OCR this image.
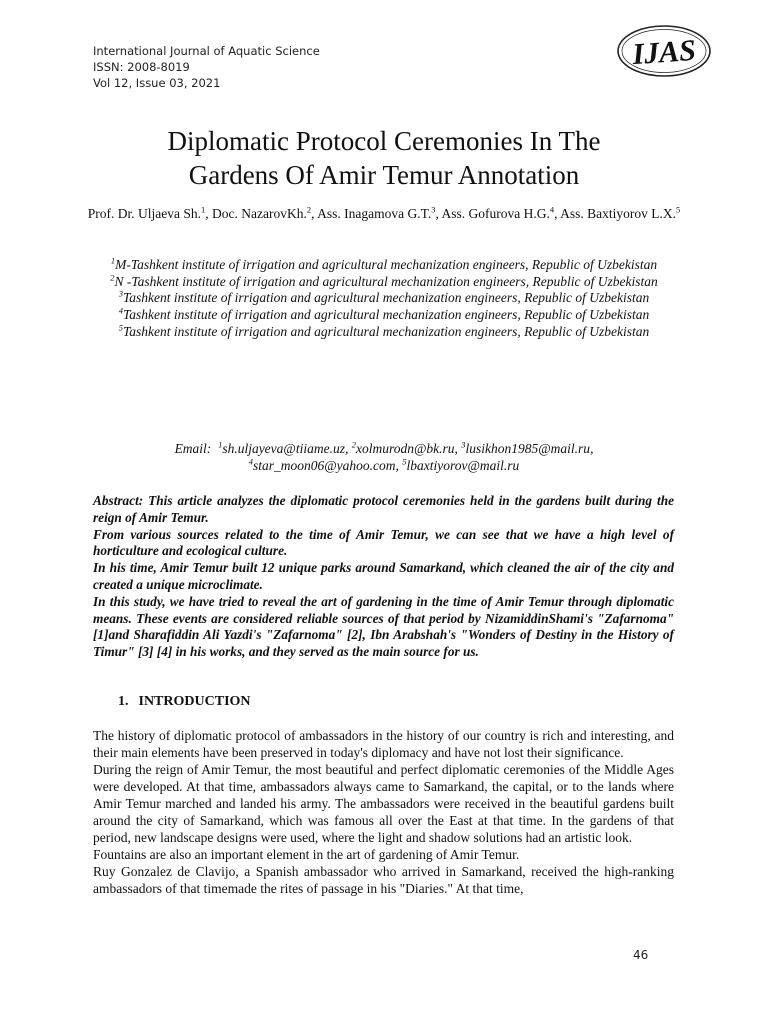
International Journal of Aquatic Science
ISSN: 2008-8019
Vol 12, Issue 03, 2021
IJAS
Diplomatic Protocol Ceremonies In The
Gardens Of Amir Temur Annotation
Prof. Dr. Uljaeva Sh.$^1$, Doc. NazarovKh.$^2$, Ass. Inagamova G.T.$^3$, Ass. Gofurova H.G.$^4$, Ass. Baxtiyorov L.X.$^5$
$^1$M-Tashkent institute of irrigation and agricultural mechanization engineers, Republic of Uzbekistan
$^2$N -Tashkent institute of irrigation and agricultural mechanization engineers, Republic of Uzbekistan
$^3$Tashkent institute of irrigation and agricultural mechanization engineers, Republic of Uzbekistan
$^4$Tashkent institute of irrigation and agricultural mechanization engineers, Republic of Uzbekistan
$^5$Tashkent institute of irrigation and agricultural mechanization engineers, Republic of Uzbekistan
Email: $^1$sh.uljayeva@tiiame.uz, $^2$xolmurodn@bk.ru, $^3$lusikhon1985@mail.ru,
$^4$star_moon06@yahoo.com, $^5$lbaxtiyorov@mail.ru

Abstract: This article analyzes the diplomatic protocol ceremonies held in the gardens built during the reign of Amir Temur.

From various sources related to the time of Amir Temur, we can see that we have a high level of horticulture and ecological culture.

In his time, Amir Temur built 12 unique parks around Samarkand, which cleaned the air of the city and created a unique microclimate.

In this study, we have tried to reveal the art of gardening in the time of Amir Temur through diplomatic means. These events are considered reliable sources of that period by NizamiddinShami's "Zafarnoma" [1]and Sharafiddin Ali Yazdi's "Zafarnoma" [2], Ibn Arabshah's "Wonders of Destiny in the History of Timur" [3] [4] in his works, and they served as the main source for us.

1. INTRODUCTION

The history of diplomatic protocol of ambassadors in the history of our country is rich and interesting, and their main elements have been preserved in today's diplomacy and have not lost their significance.

During the reign of Amir Temur, the most beautiful and perfect diplomatic ceremonies of the Middle Ages were developed. At that time, ambassadors always came to Samarkand, the capital, or to the lands where Amir Temur marched and landed his army. The ambassadors were received in the beautiful gardens built around the city of Samarkand, which was famous all over the East at that time. In the gardens of that period, new landscape designs were used, where the light and shadow solutions had an artistic look.

Fountains are also an important element in the art of gardening of Amir Temur.

Ruy Gonzalez de Clavijo, a Spanish ambassador who arrived in Samarkand, received the high-ranking ambassadors of that timemade the rites of passage in his "Diaries." At that time,

46
